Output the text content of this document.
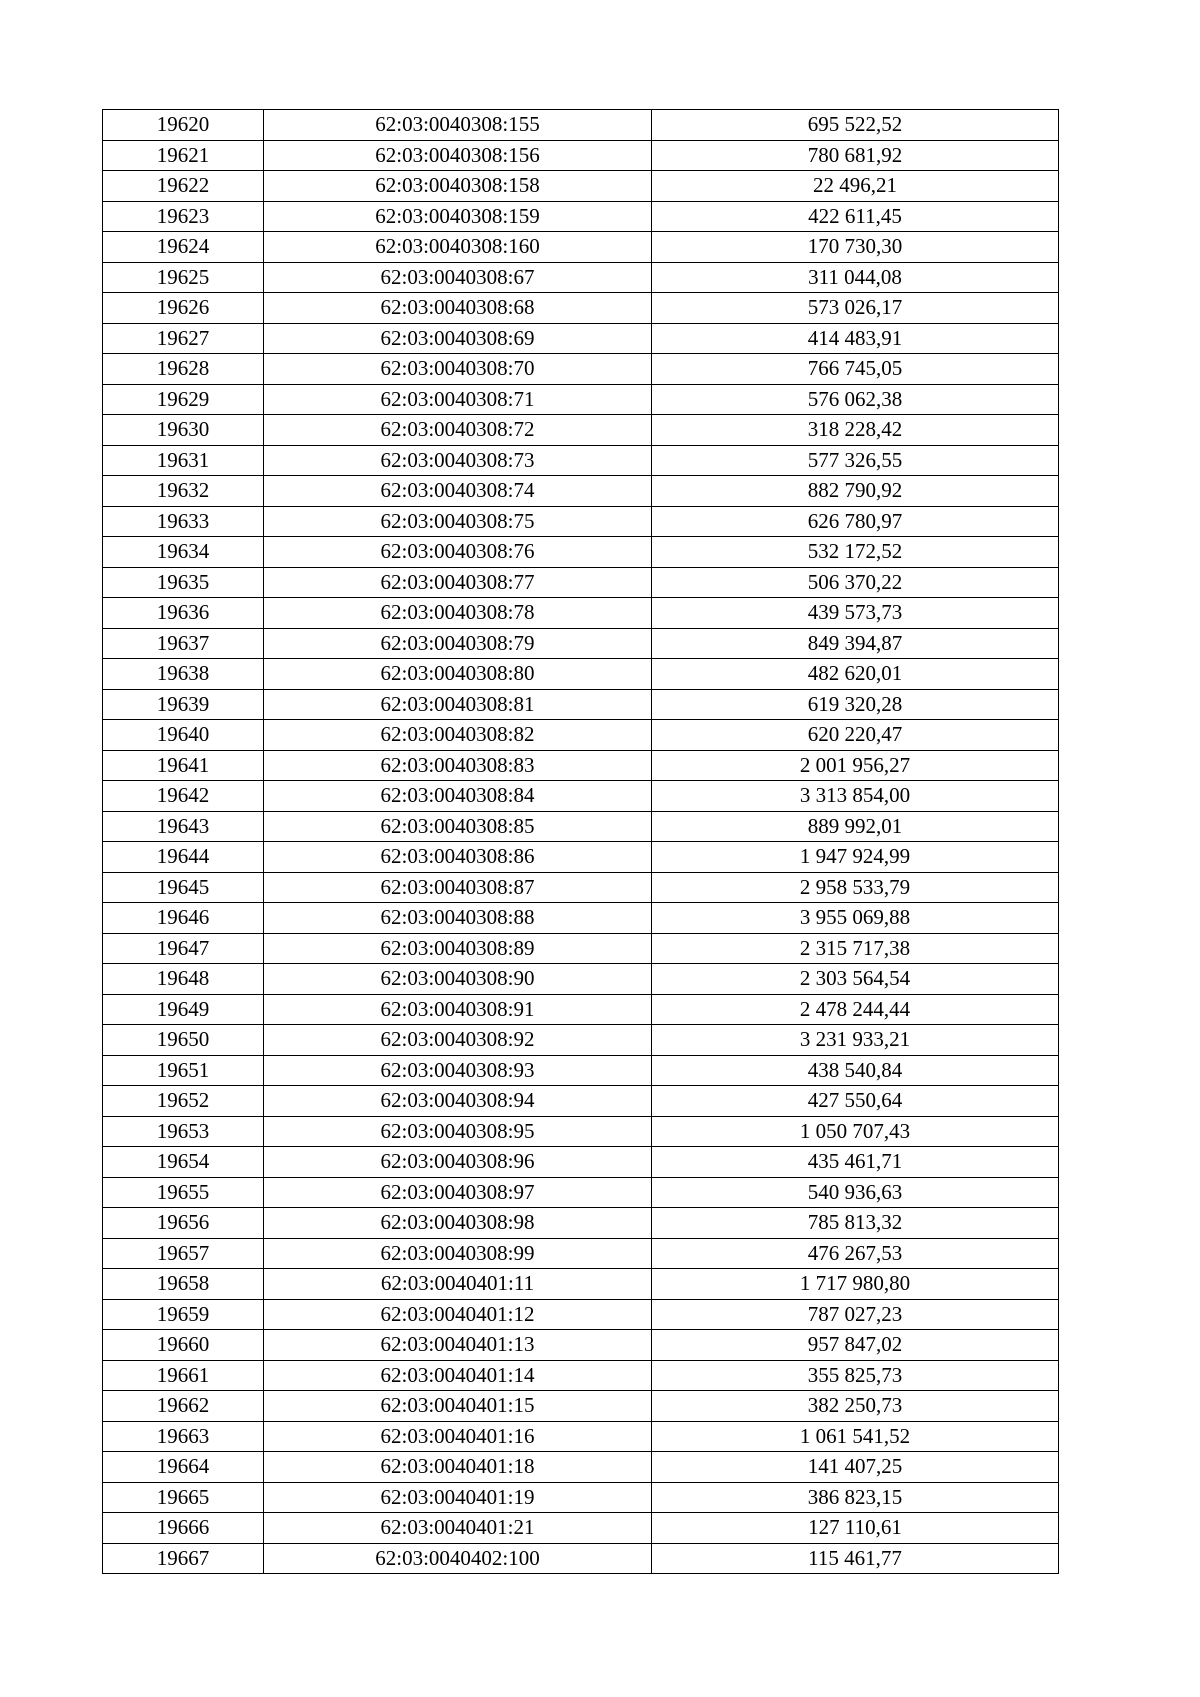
19620	62:03:0040308:155	695 522,52
19621	62:03:0040308:156	780 681,92
19622	62:03:0040308:158	22 496,21
19623	62:03:0040308:159	422 611,45
19624	62:03:0040308:160	170 730,30
19625	62:03:0040308:67	311 044,08
19626	62:03:0040308:68	573 026,17
19627	62:03:0040308:69	414 483,91
19628	62:03:0040308:70	766 745,05
19629	62:03:0040308:71	576 062,38
19630	62:03:0040308:72	318 228,42
19631	62:03:0040308:73	577 326,55
19632	62:03:0040308:74	882 790,92
19633	62:03:0040308:75	626 780,97
19634	62:03:0040308:76	532 172,52
19635	62:03:0040308:77	506 370,22
19636	62:03:0040308:78	439 573,73
19637	62:03:0040308:79	849 394,87
19638	62:03:0040308:80	482 620,01
19639	62:03:0040308:81	619 320,28
19640	62:03:0040308:82	620 220,47
19641	62:03:0040308:83	2 001 956,27
19642	62:03:0040308:84	3 313 854,00
19643	62:03:0040308:85	889 992,01
19644	62:03:0040308:86	1 947 924,99
19645	62:03:0040308:87	2 958 533,79
19646	62:03:0040308:88	3 955 069,88
19647	62:03:0040308:89	2 315 717,38
19648	62:03:0040308:90	2 303 564,54
19649	62:03:0040308:91	2 478 244,44
19650	62:03:0040308:92	3 231 933,21
19651	62:03:0040308:93	438 540,84
19652	62:03:0040308:94	427 550,64
19653	62:03:0040308:95	1 050 707,43
19654	62:03:0040308:96	435 461,71
19655	62:03:0040308:97	540 936,63
19656	62:03:0040308:98	785 813,32
19657	62:03:0040308:99	476 267,53
19658	62:03:0040401:11	1 717 980,80
19659	62:03:0040401:12	787 027,23
19660	62:03:0040401:13	957 847,02
19661	62:03:0040401:14	355 825,73
19662	62:03:0040401:15	382 250,73
19663	62:03:0040401:16	1 061 541,52
19664	62:03:0040401:18	141 407,25
19665	62:03:0040401:19	386 823,15
19666	62:03:0040401:21	127 110,61
19667	62:03:0040402:100	115 461,77
